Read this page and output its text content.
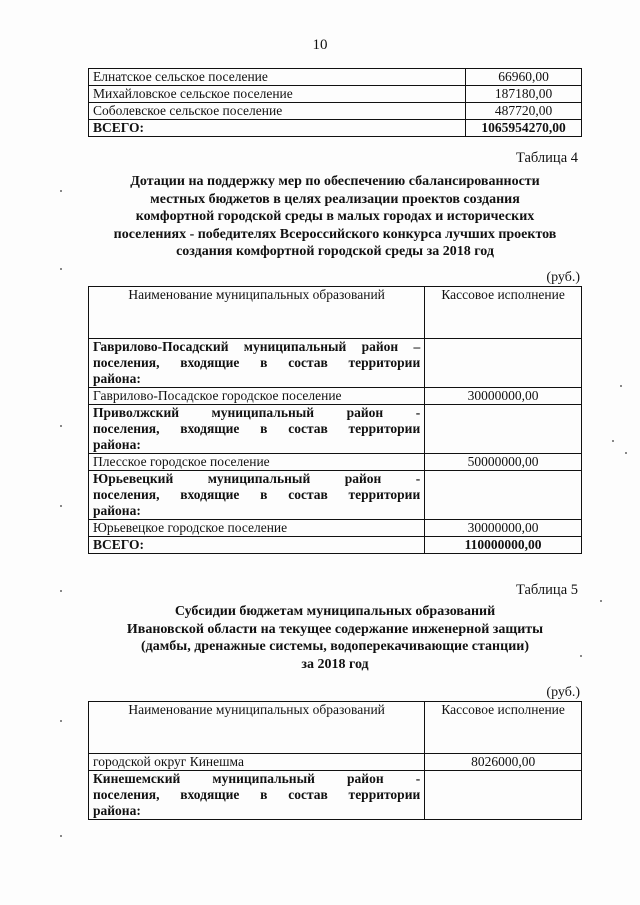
10
Елнатское сельское поселение	66960,00
Михайловское сельское поселение	187180,00
Соболевское сельское поселение	487720,00
ВСЕГО:	1065954270,00
Таблица 4
Дотации на поддержку мер по обеспечению сбалансированности
местных бюджетов в целях реализации проектов создания
комфортной городской среды в малых городах и исторических
поселениях - победителях Всероссийского конкурса лучших проектов
создания комфортной городской среды за 2018 год
(руб.)
Наименование муниципальных образований	Кассовое исполнение

Гаврилово-Посадский муниципальный район –
поселения, входящие в состав территории
района:	

Гаврилово-Посадское городское поселение	30000000,00

Приволжский муниципальный район -
поселения, входящие в состав территории
района:	

Плесское городское поселение	50000000,00

Юрьевецкий муниципальный район -
поселения, входящие в состав территории
района:	

Юрьевецкое городское поселение	30000000,00
ВСЕГО:	110000000,00
Таблица 5
Субсидии бюджетам муниципальных образований
Ивановской области на текущее содержание инженерной защиты
(дамбы, дренажные системы, водоперекачивающие станции)
за 2018 год
(руб.)
Наименование муниципальных образований	Кассовое исполнение
городской округ Кинешма	8026000,00

Кинешемский муниципальный район -
поселения, входящие в состав территории
района:	
